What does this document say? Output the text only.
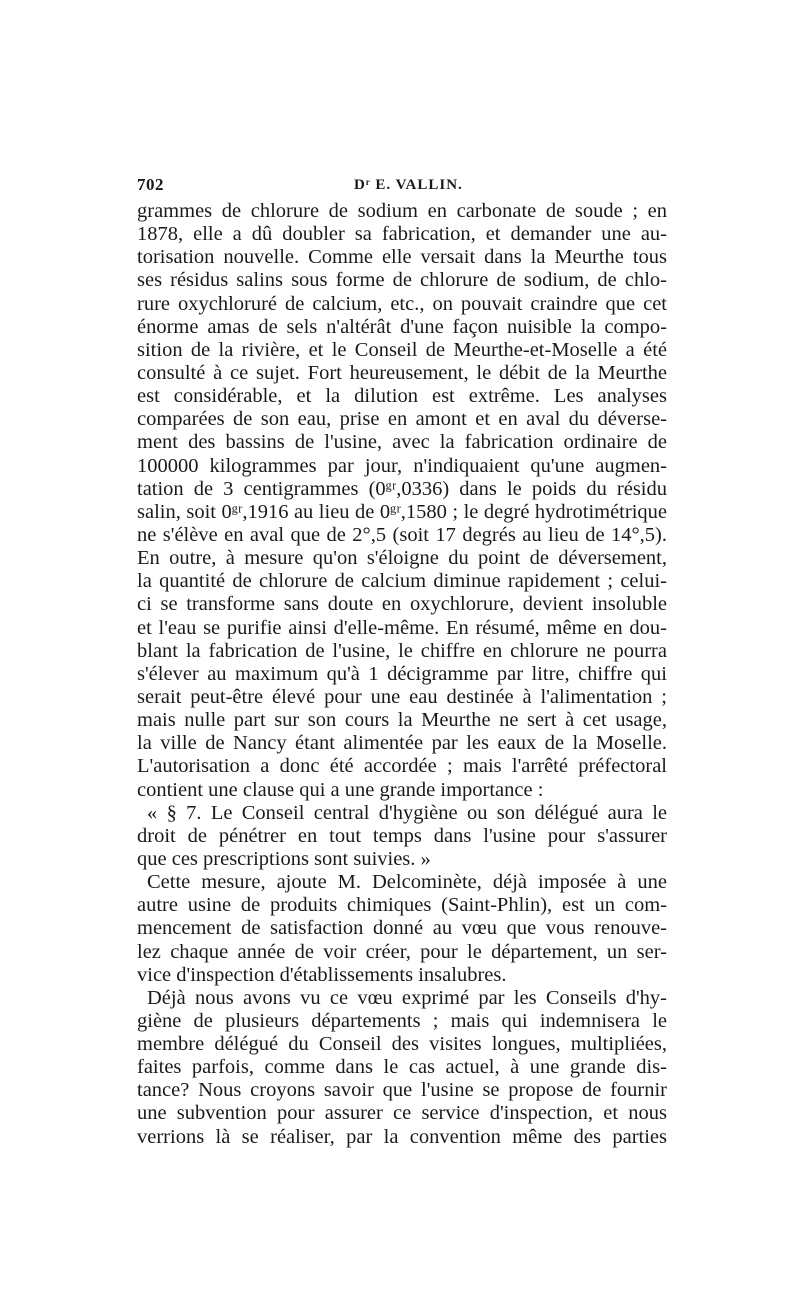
702	Dʳ E. VALLIN.
grammes de chlorure de sodium en carbonate de soude ; en
1878, elle a dû doubler sa fabrication, et demander une au-
torisation nouvelle. Comme elle versait dans la Meurthe tous
ses résidus salins sous forme de chlorure de sodium, de chlo-
rure oxychloruré de calcium, etc., on pouvait craindre que cet
énorme amas de sels n'altérât d'une façon nuisible la compo-
sition de la rivière, et le Conseil de Meurthe-et-Moselle a été
consulté à ce sujet. Fort heureusement, le débit de la Meurthe
est considérable, et la dilution est extrême. Les analyses
comparées de son eau, prise en amont et en aval du déverse-
ment des bassins de l'usine, avec la fabrication ordinaire de
100000 kilogrammes par jour, n'indiquaient qu'une augmen-
tation de 3 centigrammes (0ᵍʳ,0336) dans le poids du résidu
salin, soit 0ᵍʳ,1916 au lieu de 0ᵍʳ,1580 ; le degré hydrotimétrique
ne s'élève en aval que de 2°,5 (soit 17 degrés au lieu de 14°,5).
En outre, à mesure qu'on s'éloigne du point de déversement,
la quantité de chlorure de calcium diminue rapidement ; celui-
ci se transforme sans doute en oxychlorure, devient insoluble
et l'eau se purifie ainsi d'elle-même. En résumé, même en dou-
blant la fabrication de l'usine, le chiffre en chlorure ne pourra
s'élever au maximum qu'à 1 décigramme par litre, chiffre qui
serait peut-être élevé pour une eau destinée à l'alimentation ;
mais nulle part sur son cours la Meurthe ne sert à cet usage,
la ville de Nancy étant alimentée par les eaux de la Moselle.
L'autorisation a donc été accordée ; mais l'arrêté préfectoral
contient une clause qui a une grande importance :
« § 7. Le Conseil central d'hygiène ou son délégué aura le
droit de pénétrer en tout temps dans l'usine pour s'assurer
que ces prescriptions sont suivies. »
Cette mesure, ajoute M. Delcominète, déjà imposée à une
autre usine de produits chimiques (Saint-Phlin), est un com-
mencement de satisfaction donné au vœu que vous renouve-
lez chaque année de voir créer, pour le département, un ser-
vice d'inspection d'établissements insalubres.
Déjà nous avons vu ce vœu exprimé par les Conseils d'hy-
giène de plusieurs départements ; mais qui indemnisera le
membre délégué du Conseil des visites longues, multipliées,
faites parfois, comme dans le cas actuel, à une grande dis-
tance? Nous croyons savoir que l'usine se propose de fournir
une subvention pour assurer ce service d'inspection, et nous
verrions là se réaliser, par la convention même des parties
